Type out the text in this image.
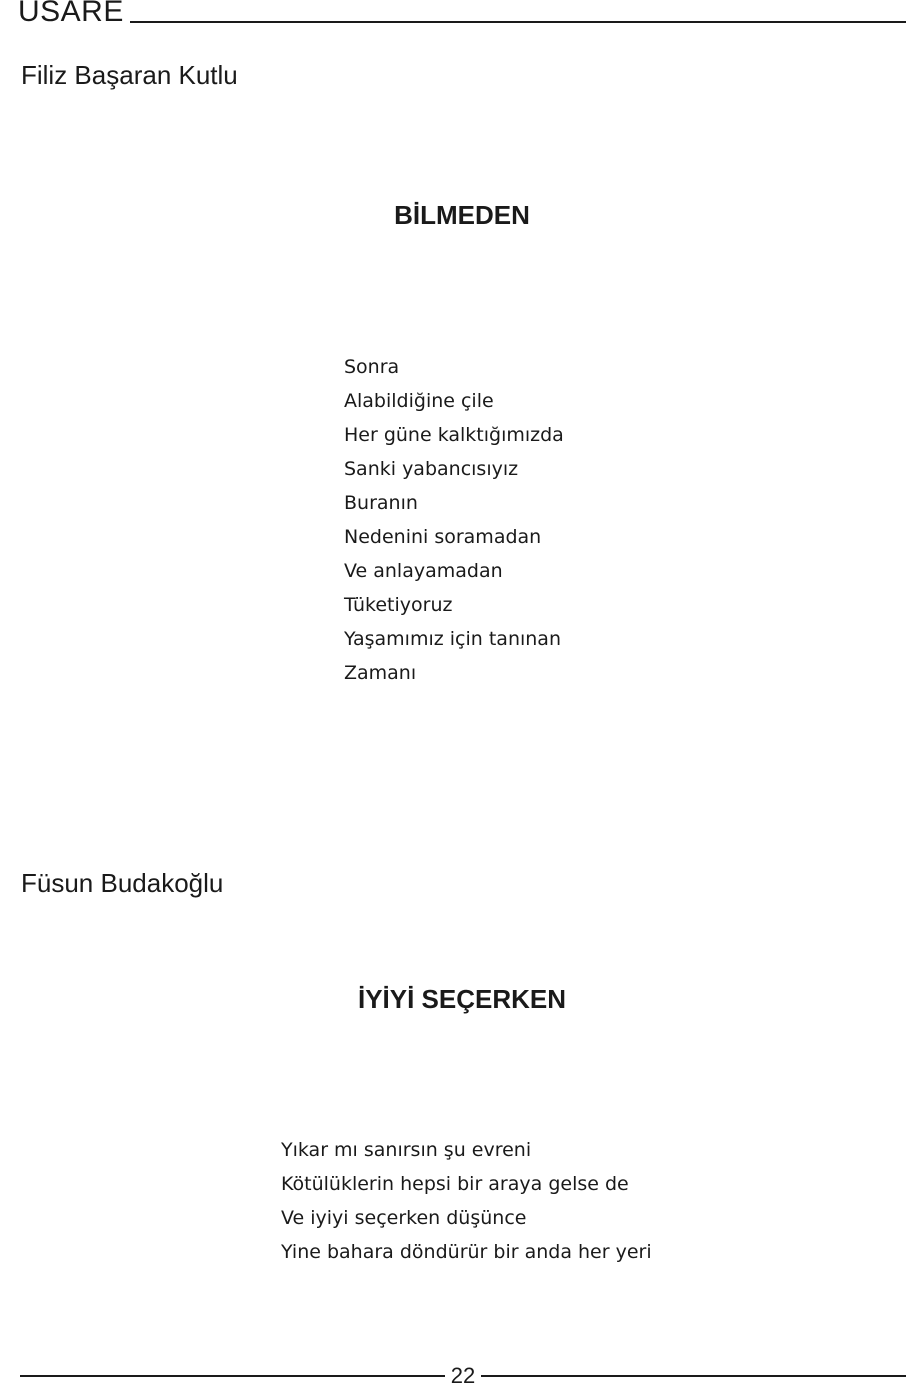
USARE
Filiz Başaran Kutlu
BİLMEDEN
Sonra
Alabildiğine çile
Her güne kalktığımızda
Sanki yabancısıyız
Buranın
Nedenini soramadan
Ve anlayamadan
Tüketiyoruz
Yaşamımız için tanınan
Zamanı
Füsun Budakoğlu
İYİYİ SEÇERKEN
Yıkar mı sanırsın şu evreni
Kötülüklerin hepsi bir araya gelse de
Ve iyiyi seçerken düşünce
Yine bahara döndürür bir anda her yeri
22
